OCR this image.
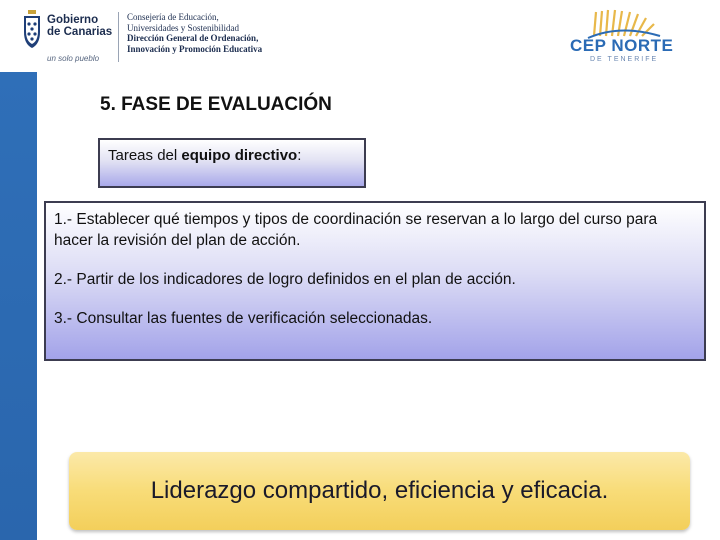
Gobierno
de Canarias
un solo pueblo
Consejería de Educación,
Universidades y Sostenibilidad
Dirección General de Ordenación,
Innovación y Promoción Educativa	CEP NORTE
DE TENERIFE
5. FASE DE EVALUACIÓN
Tareas del equipo directivo:
1.- Establecer qué tiempos y tipos de coordinación se reservan a lo largo del curso para hacer la revisión del plan de acción.
2.- Partir de los indicadores de logro definidos en el plan de acción.
3.- Consultar las fuentes de verificación seleccionadas.
Liderazgo compartido, eficiencia y eficacia.
